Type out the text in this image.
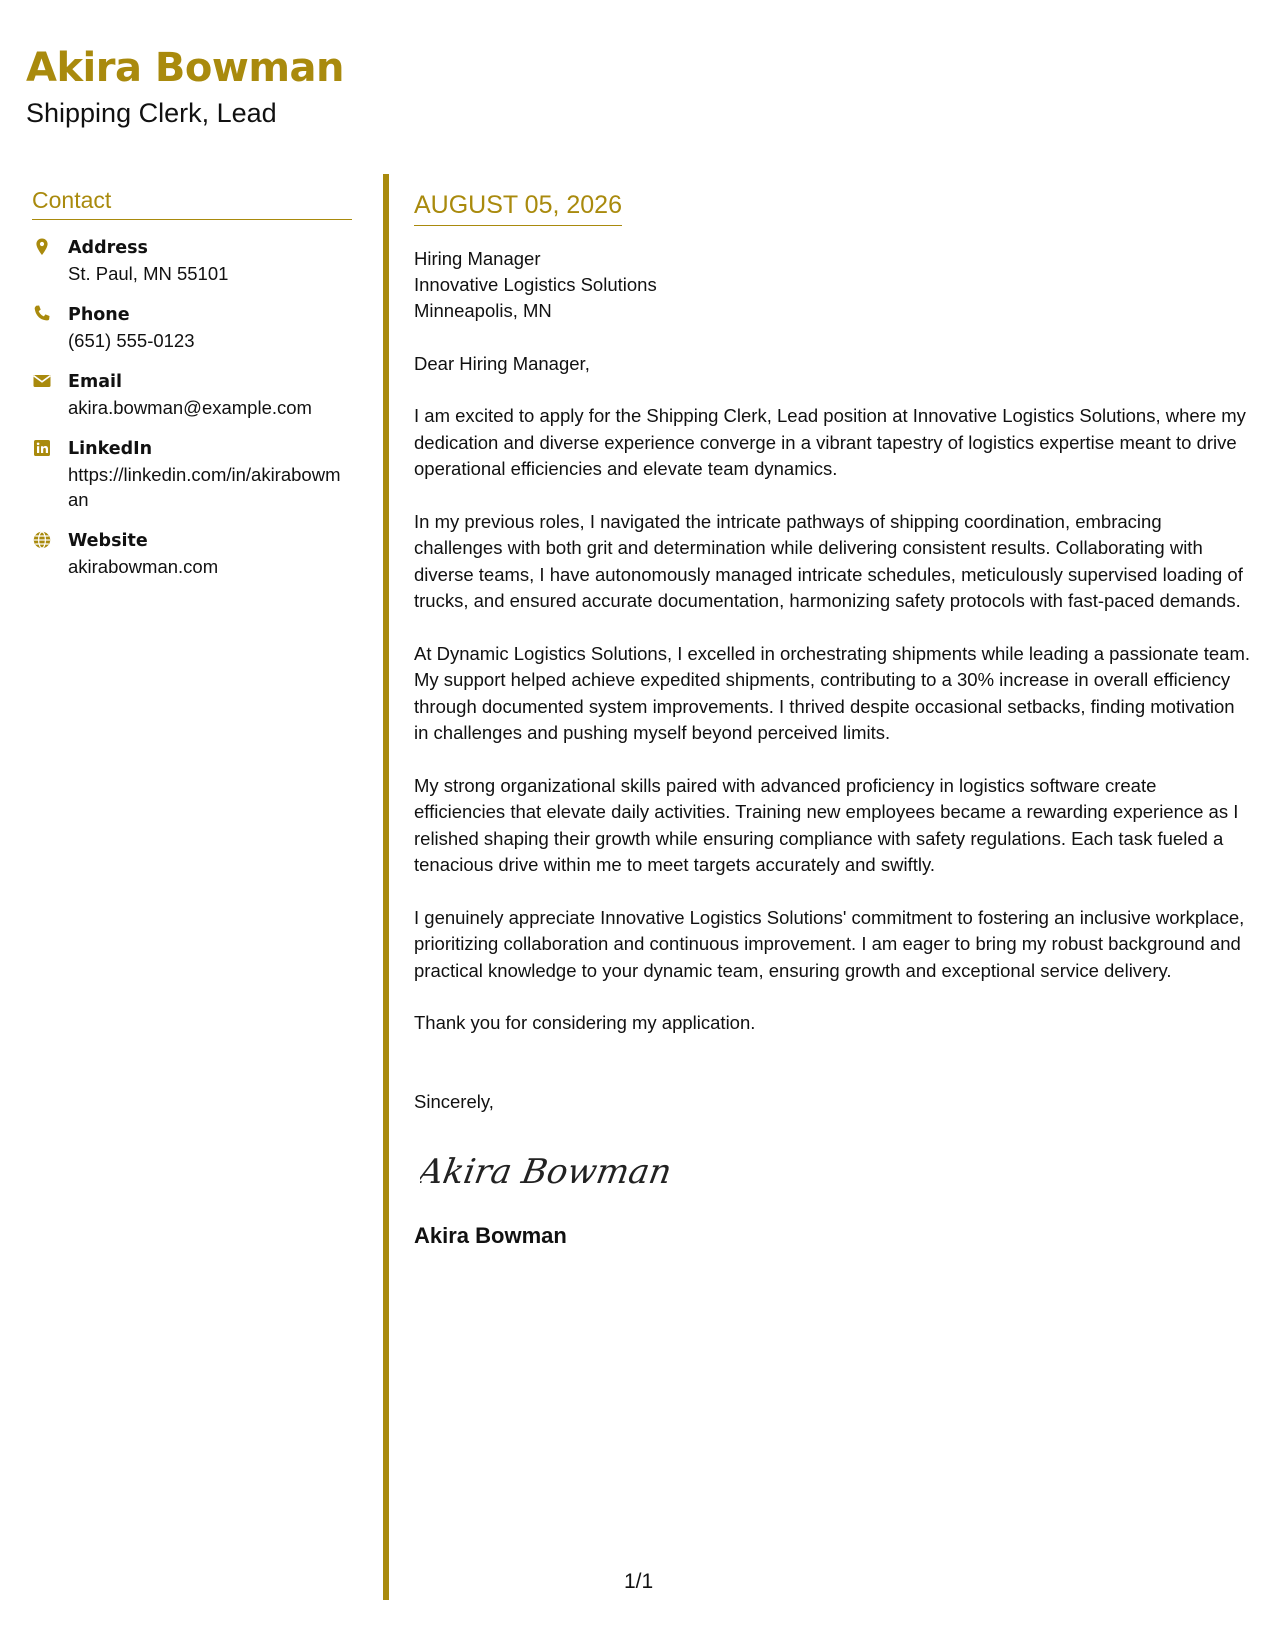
Akira Bowman
Shipping Clerk, Lead
Contact
Address
St. Paul, MN 55101
Phone
(651) 555-0123
Email
akira.bowman@example.com
LinkedIn
https://linkedin.com/in/akirabowman
Website
akirabowman.com
AUGUST 05, 2026
Hiring Manager
Innovative Logistics Solutions
Minneapolis, MN
Dear Hiring Manager,

I am excited to apply for the Shipping Clerk, Lead position at Innovative Logistics Solutions, where my dedication and diverse experience converge in a vibrant tapestry of logistics expertise meant to drive operational efficiencies and elevate team dynamics.

In my previous roles, I navigated the intricate pathways of shipping coordination, embracing challenges with both grit and determination while delivering consistent results. Collaborating with diverse teams, I have autonomously managed intricate schedules, meticulously supervised loading of trucks, and ensured accurate documentation, harmonizing safety protocols with fast-paced demands.

At Dynamic Logistics Solutions, I excelled in orchestrating shipments while leading a passionate team. My support helped achieve expedited shipments, contributing to a 30% increase in overall efficiency through documented system improvements. I thrived despite occasional setbacks, finding motivation in challenges and pushing myself beyond perceived limits.

My strong organizational skills paired with advanced proficiency in logistics software create efficiencies that elevate daily activities. Training new employees became a rewarding experience as I relished shaping their growth while ensuring compliance with safety regulations. Each task fueled a tenacious drive within me to meet targets accurately and swiftly.

I genuinely appreciate Innovative Logistics Solutions' commitment to fostering an inclusive workplace, prioritizing collaboration and continuous improvement. I am eager to bring my robust background and practical knowledge to your dynamic team, ensuring growth and exceptional service delivery.

Thank you for considering my application.

Sincerely,
Akira Bowman
Akira Bowman
1/1
